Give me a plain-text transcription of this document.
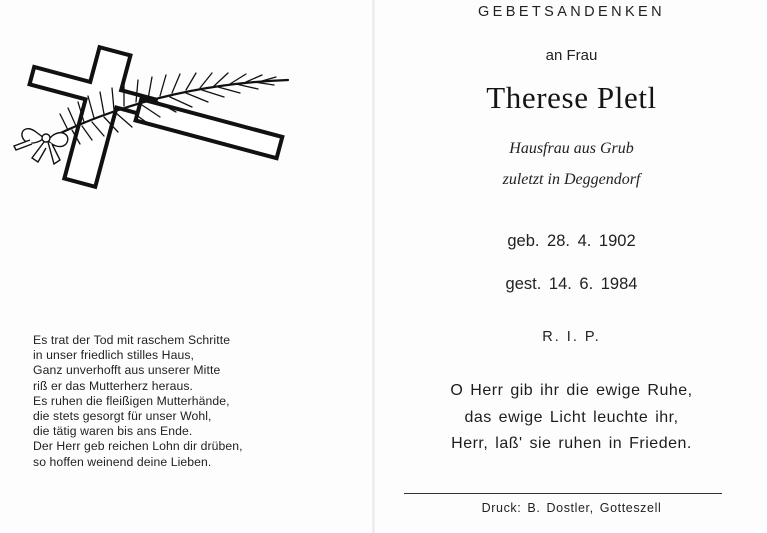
Es trat der Tod mit raschem Schritte
in unser friedlich stilles Haus,
Ganz unverhofft aus unserer Mitte
riß er das Mutterherz heraus.
Es ruhen die fleißigen Mutterhände,
die stets gesorgt für unser Wohl,
die tätig waren bis ans Ende.
Der Herr geb reichen Lohn dir drüben,
so hoffen weinend deine Lieben.
GEBETSANDENKEN
an Frau
Therese Pletl
Hausfrau aus Grub
zuletzt in Deggendorf
geb. 28. 4. 1902
gest. 14. 6. 1984
R. I. P.
O Herr gib ihr die ewige Ruhe,
das ewige Licht leuchte ihr,
Herr, laß' sie ruhen in Frieden.
Druck: B. Dostler, Gotteszell
